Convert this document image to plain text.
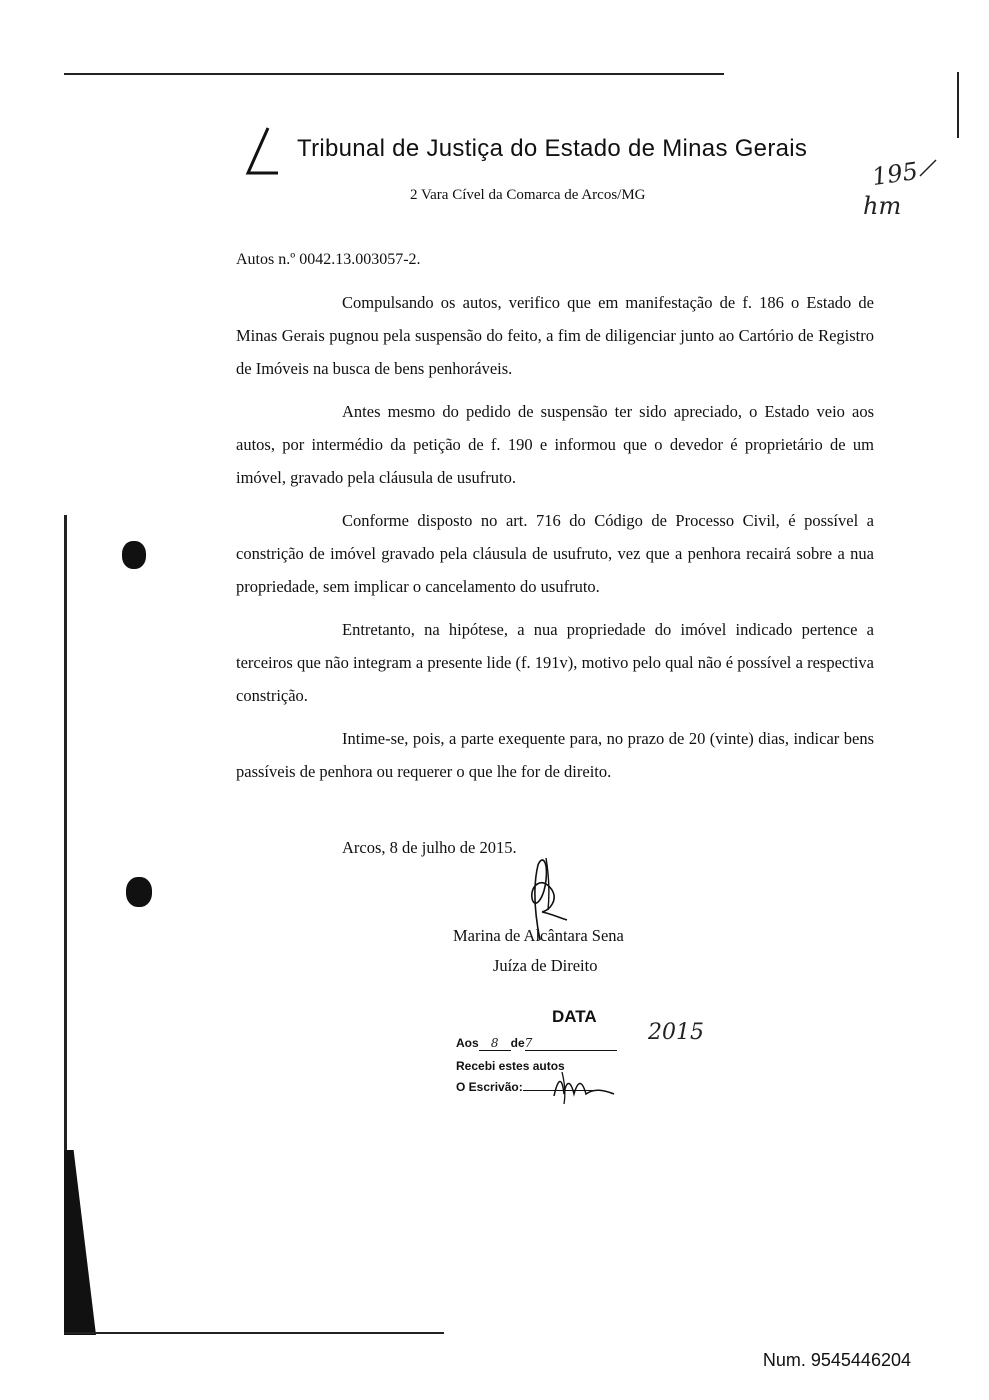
Tribunal de Justiça do Estado de Minas Gerais
2 Vara Cível da Comarca de Arcos/MG
195
hm
Autos n.º 0042.13.003057-2.

Compulsando os autos, verifico que em manifestação de f. 186 o Estado de Minas Gerais pugnou pela suspensão do feito, a fim de diligenciar junto ao Cartório de Registro de Imóveis na busca de bens penhoráveis.

Antes mesmo do pedido de suspensão ter sido apreciado, o Estado veio aos autos, por intermédio da petição de f. 190 e informou que o devedor é proprietário de um imóvel, gravado pela cláusula de usufruto.

Conforme disposto no art. 716 do Código de Processo Civil, é possível a constrição de imóvel gravado pela cláusula de usufruto, vez que a penhora recairá sobre a nua propriedade, sem implicar o cancelamento do usufruto.

Entretanto, na hipótese, a nua propriedade do imóvel indicado pertence a terceiros que não integram a presente lide (f. 191v), motivo pelo qual não é possível a respectiva constrição.

Intime-se, pois, a parte exequente para, no prazo de 20 (vinte) dias, indicar bens passíveis de penhora ou requerer o que lhe for de direito.

Arcos, 8 de julho de 2015.
Marina de Alcântara Sena
Juíza de Direito
DATA
Aos 8 de7	2015
Recebi estes autos
O Escrivão:
Num. 9545446204
